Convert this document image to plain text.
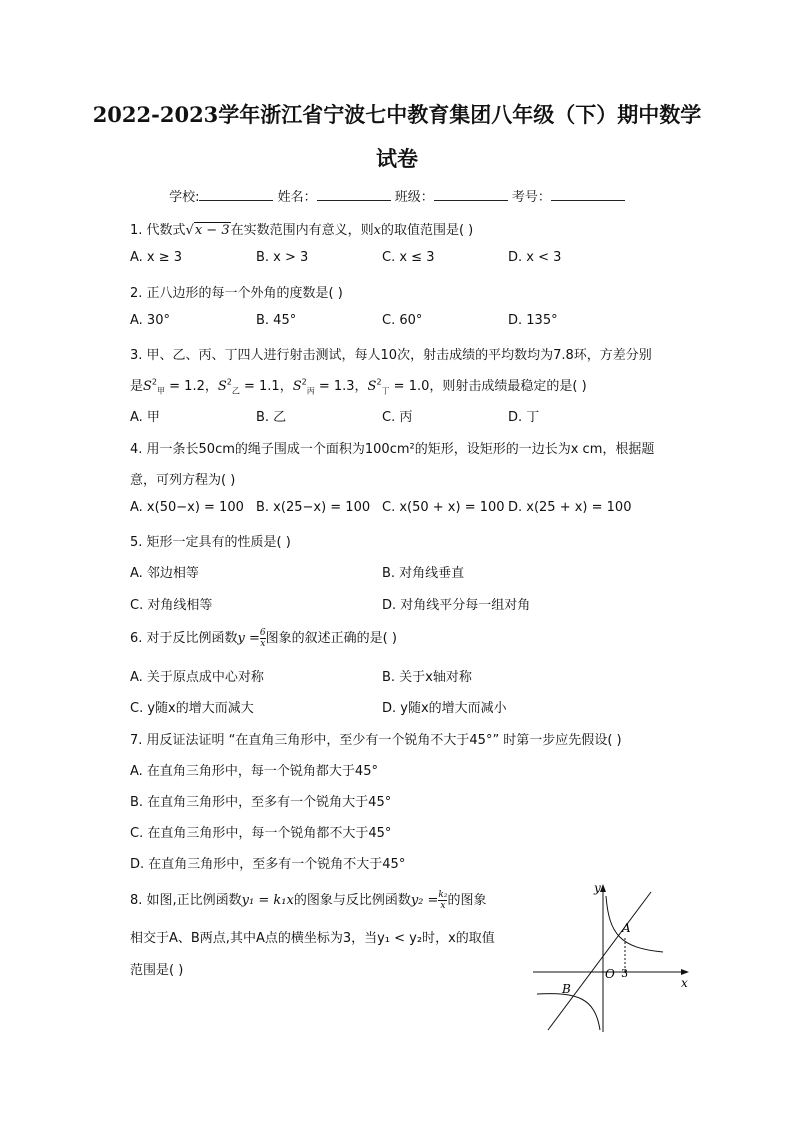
2022-2023学年浙江省宁波七中教育集团八年级（下）期中数学
试卷
学校:	姓名：	班级：	考号：
1. 代数式√x − 3在实数范围内有意义，则x的取值范围是( )
A. x ≥ 3	B. x > 3	C. x ≤ 3	D. x < 3
2. 正八边形的每一个外角的度数是( )
A. 30°	B. 45°	C. 60°	D. 135°
3. 甲、乙、丙、丁四人进行射击测试，每人10次，射击成绩的平均数均为7.8环，方差分别
是$S^2_甲 = 1.2$，$S^2_乙 = 1.1$，$S^2_丙 = 1.3$，$S^2_丁 = 1.0$，则射击成绩最稳定的是( )
A. 甲	B. 乙	C. 丙	D. 丁
4. 用一条长50cm的绳子围成一个面积为100cm²的矩形，设矩形的一边长为x cm，根据题
意，可列方程为( )
A. x(50−x) = 100 B. x(25−x) = 100 C. x(50 + x) = 100 D. x(25 + x) = 100
5. 矩形一定具有的性质是( )
A. 邻边相等	B. 对角线垂直
C. 对角线相等	D. 对角线平分每一组对角
6. 对于反比例函数$y = \frac{6}{x}$ 图象的叙述正确的是( )
A. 关于原点成中心对称	B. 关于x轴对称
C. y随x的增大而减大	D. y随x的增大而减小
7. 用反证法证明 “在直角三角形中，至少有一个锐角不大于45°” 时第一步应先假设( )
A. 在直角三角形中，每一个锐角都大于45°
B. 在直角三角形中，至多有一个锐角大于45°
C. 在直角三角形中，每一个锐角都不大于45°
D. 在直角三角形中，至多有一个锐角不大于45°
8. 如图,正比例函数y₁ = k₁x的图象与反比例函数$y_2 = \frac{\text{k₂}}{x}$ 的图象
相交于A、B两点,其中A点的横坐标为3，当y₁ < y₂时，x的取值
范围是( )
y
x
O
A
B
3
